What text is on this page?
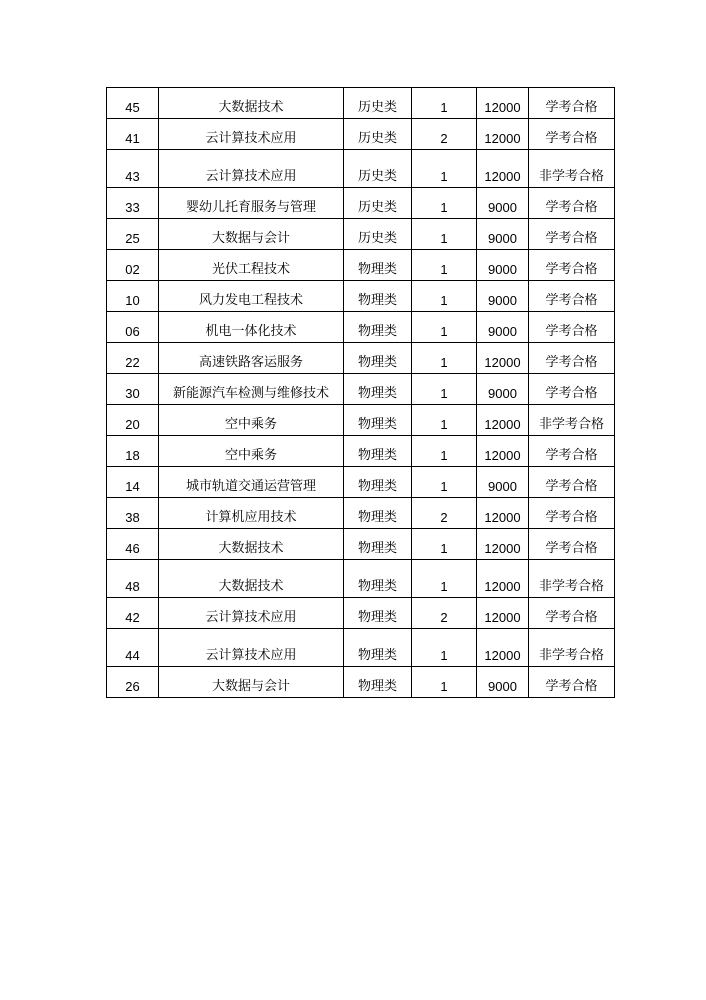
45	大数据技术	历史类	1	12000	学考合格
41	云计算技术应用	历史类	2	12000	学考合格
43	云计算技术应用	历史类	1	12000	非学考合格
33	婴幼儿托育服务与管理	历史类	1	9000	学考合格
25	大数据与会计	历史类	1	9000	学考合格
02	光伏工程技术	物理类	1	9000	学考合格
10	风力发电工程技术	物理类	1	9000	学考合格
06	机电一体化技术	物理类	1	9000	学考合格
22	高速铁路客运服务	物理类	1	12000	学考合格
30	新能源汽车检测与维修技术	物理类	1	9000	学考合格
20	空中乘务	物理类	1	12000	非学考合格
18	空中乘务	物理类	1	12000	学考合格
14	城市轨道交通运营管理	物理类	1	9000	学考合格
38	计算机应用技术	物理类	2	12000	学考合格
46	大数据技术	物理类	1	12000	学考合格
48	大数据技术	物理类	1	12000	非学考合格
42	云计算技术应用	物理类	2	12000	学考合格
44	云计算技术应用	物理类	1	12000	非学考合格
26	大数据与会计	物理类	1	9000	学考合格
